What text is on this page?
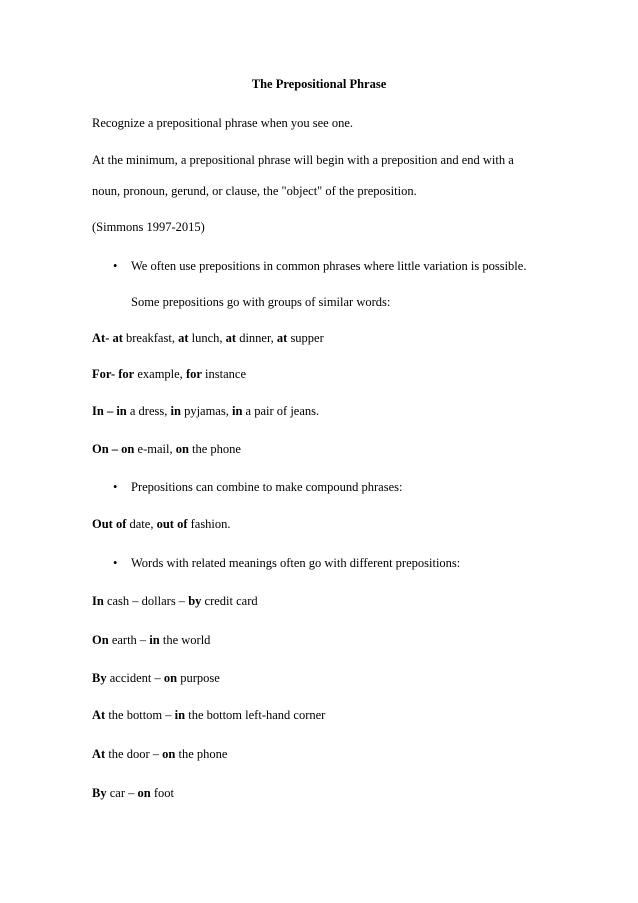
The Prepositional Phrase
Recognize a prepositional phrase when you see one.
At the minimum, a prepositional phrase will begin with a preposition and end with a
noun, pronoun, gerund, or clause, the "object" of the preposition.
(Simmons 1997-2015)
• We often use prepositions in common phrases where little variation is possible.
Some prepositions go with groups of similar words:
At- at breakfast, at lunch, at dinner, at supper
For- for example, for instance
In – in a dress, in pyjamas, in a pair of jeans.
On – on e-mail, on the phone
• Prepositions can combine to make compound phrases:
Out of date, out of fashion.
• Words with related meanings often go with different prepositions:
In cash – dollars – by credit card
On earth – in the world
By accident – on purpose
At the bottom – in the bottom left-hand corner
At the door – on the phone
By car – on foot
